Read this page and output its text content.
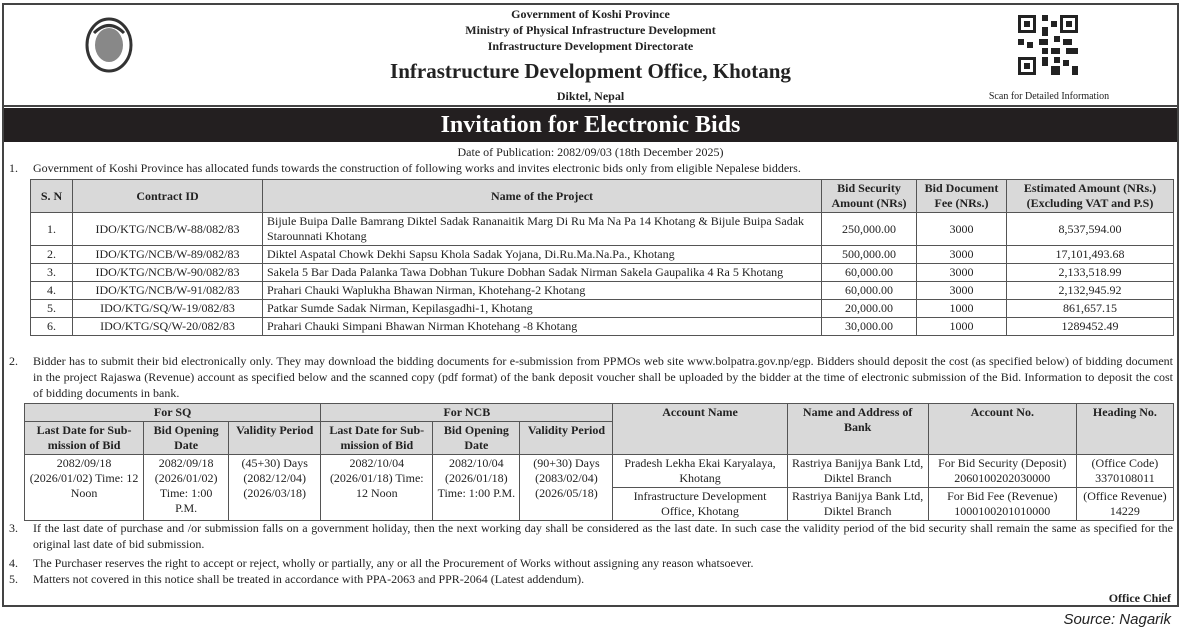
Government of Koshi Province
Ministry of Physical Infrastructure Development
Infrastructure Development Directorate
Infrastructure Development Office, Khotang
Diktel, Nepal	Scan for Detailed Information
Invitation for Electronic Bids
Date of Publication: 2082/09/03 (18th December 2025)
1.	Government of Koshi Province has allocated funds towards the construction of following works and invites electronic bids only from eligible Nepalese bidders.
S. N	Contract ID	Name of the Project	Bid Security Amount (NRs)	Bid Document Fee (NRs.)	Estimated Amount (NRs.) (Excluding VAT and P.S)
1.	IDO/KTG/NCB/W-88/082/83	Bijule Buipa Dalle Bamrang Diktel Sadak Rananaitik Marg Di Ru Ma Na Pa 14 Khotang & Bijule Buipa Sadak Starounnati Khotang	250,000.00	3000	8,537,594.00
2.	IDO/KTG/NCB/W-89/082/83	Diktel Aspatal Chowk Dekhi Sapsu Khola Sadak Yojana, Di.Ru.Ma.Na.Pa., Khotang	500,000.00	3000	17,101,493.68
3.	IDO/KTG/NCB/W-90/082/83	Sakela 5 Bar Dada Palanka Tawa Dobhan Tukure Dobhan Sadak Nirman Sakela Gaupalika 4 Ra 5 Khotang	60,000.00	3000	2,133,518.99
4.	IDO/KTG/NCB/W-91/082/83	Prahari Chauki Waplukha Bhawan Nirman, Khotehang-2 Khotang	60,000.00	3000	2,132,945.92
5.	IDO/KTG/SQ/W-19/082/83	Patkar Sumde Sadak Nirman, Kepilasgadhi-1, Khotang	20,000.00	1000	861,657.15
6.	IDO/KTG/SQ/W-20/082/83	Prahari Chauki Simpani Bhawan Nirman Khotehang -8 Khotang	30,000.00	1000	1289452.49
2.	Bidder has to submit their bid electronically only. They may download the bidding documents for e-submission from PPMOs web site www.bolpatra.gov.np/egp. Bidders should deposit the cost (as specified below) of bidding document in the project Rajaswa (Revenue) account as specified below and the scanned copy (pdf format) of the bank deposit voucher shall be uploaded by the bidder at the time of electronic submission of the Bid. Information to deposit the cost of bidding documents in bank.
For SQ			For NCB			Account Name	Name and Address of Bank	Account No.	Heading No.
Last Date for Sub-mission of Bid	Bid Opening Date	Validity Period	Last Date for Sub-mission of Bid	Bid Opening Date	Validity Period				
2082/09/18 (2026/01/02) Time: 12 Noon	2082/09/18 (2026/01/02) Time: 1:00 P.M.	(45+30) Days (2082/12/04) (2026/03/18)	2082/10/04 (2026/01/18) Time: 12 Noon	2082/10/04 (2026/01/18) Time: 1:00 P.M.	(90+30) Days (2083/02/04) (2026/05/18)	Pradesh Lekha Ekai Karyalaya, Khotang	Rastriya Banijya Bank Ltd, Diktel Branch	For Bid Security (Deposit) 2060100202030000	(Office Code) 3370108011
						Infrastructure Development Office, Khotang	Rastriya Banijya Bank Ltd, Diktel Branch	For Bid Fee (Revenue) 1000100201010000	(Office Revenue) 14229
3.	If the last date of purchase and /or submission falls on a government holiday, then the next working day shall be considered as the last date. In such case the validity period of the bid security shall remain the same as specified for the original last date of bid submission.
4.	The Purchaser reserves the right to accept or reject, wholly or partially, any or all the Procurement of Works without assigning any reason whatsoever.
5.	Matters not covered in this notice shall be treated in accordance with PPA-2063 and PPR-2064 (Latest addendum).
Office Chief
Source: Nagarik
